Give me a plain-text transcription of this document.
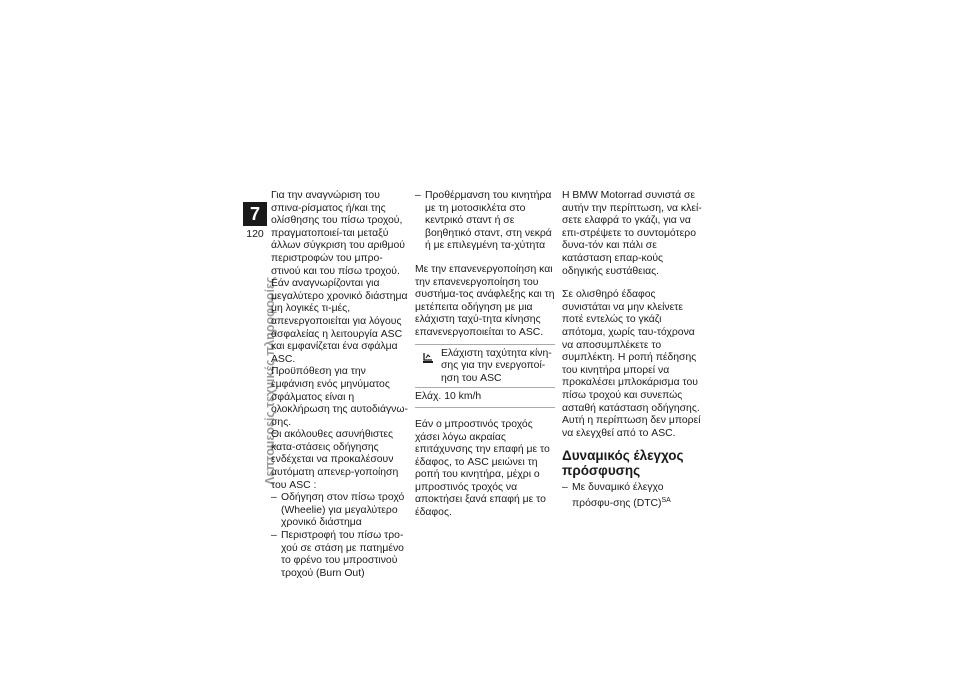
7
120
Λεπτομερείς τεχνικές πληροφορίες

Για την αναγνώριση του σπινα-ρίσματος ή/και της ολίσθησης του πίσω τροχού, πραγματοποιεί-ται μεταξύ άλλων σύγκριση του αριθμού περιστροφών του μπρο-στινού και του πίσω τροχού. Εάν αναγνωρίζονται για μεγαλύτερο χρονικό διάστημα μη λογικές τι-μές, απενεργοποιείται για λόγους ασφαλείας η λειτουργία ASC και εμφανίζεται ένα σφάλμα ASC.

Προϋπόθεση για την εμφάνιση ενός μηνύματος σφάλματος είναι η ολοκλήρωση της αυτοδιάγνω-σης.

Οι ακόλουθες ασυνήθιστες κατα-στάσεις οδήγησης ενδέχεται να προκαλέσουν αυτόματη απενερ-γοποίηση του ASC :

– Οδήγηση στον πίσω τροχό (Wheelie) για μεγαλύτερο χρονικό διάστημα

– Περιστροφή του πίσω τρο-χού σε στάση με πατημένο το φρένο του μπροστινού τροχού (Burn Out)

– Προθέρμανση του κινητήρα με τη μοτοσικλέτα στο κεντρικό σταντ ή σε βοηθητικό σταντ, στη νεκρά ή με επιλεγμένη τα-χύτητα

Με την επανενεργοποίηση και την επανενεργοποίηση του συστήμα-τος ανάφλεξης και τη μετέπειτα οδήγηση με μια ελάχιστη ταχύ-τητα κίνησης επανενεργοποιείται το ASC.

Ελάχιστη ταχύτητα κίνη-σης για την ενεργοποί-ηση του ASC
Ελάχ. 10 km/h

Εάν ο μπροστινός τροχός χάσει λόγω ακραίας επιτάχυνσης την επαφή με το έδαφος, το ASC μειώνει τη ροπή του κινητήρα, μέχρι ο μπροστινός τροχός να αποκτήσει ξανά επαφή με το έδαφος.

Η BMW Motorrad συνιστά σε αυτήν την περίπτωση, να κλεί-σετε ελαφρά το γκάζι, για να επι-στρέψετε το συντομότερο δυνα-τόν και πάλι σε κατάσταση επαρ-κούς οδηγικής ευστάθειας.

Σε ολισθηρό έδαφος συνιστάται να μην κλείνετε ποτέ εντελώς το γκάζι απότομα, χωρίς ταυ-τόχρονα να αποσυμπλέκετε το συμπλέκτη. Η ροπή πέδησης του κινητήρα μπορεί να προκαλέσει μπλοκάρισμα του πίσω τροχού και συνεπώς ασταθή κατάσταση οδήγησης. Αυτή η περίπτωση δεν μπορεί να ελεγχθεί από το ASC.

Δυναμικός έλεγχος πρόσφυσης

– Με δυναμικό έλεγχο πρόσφυ-σης (DTC)$^{SA}$
